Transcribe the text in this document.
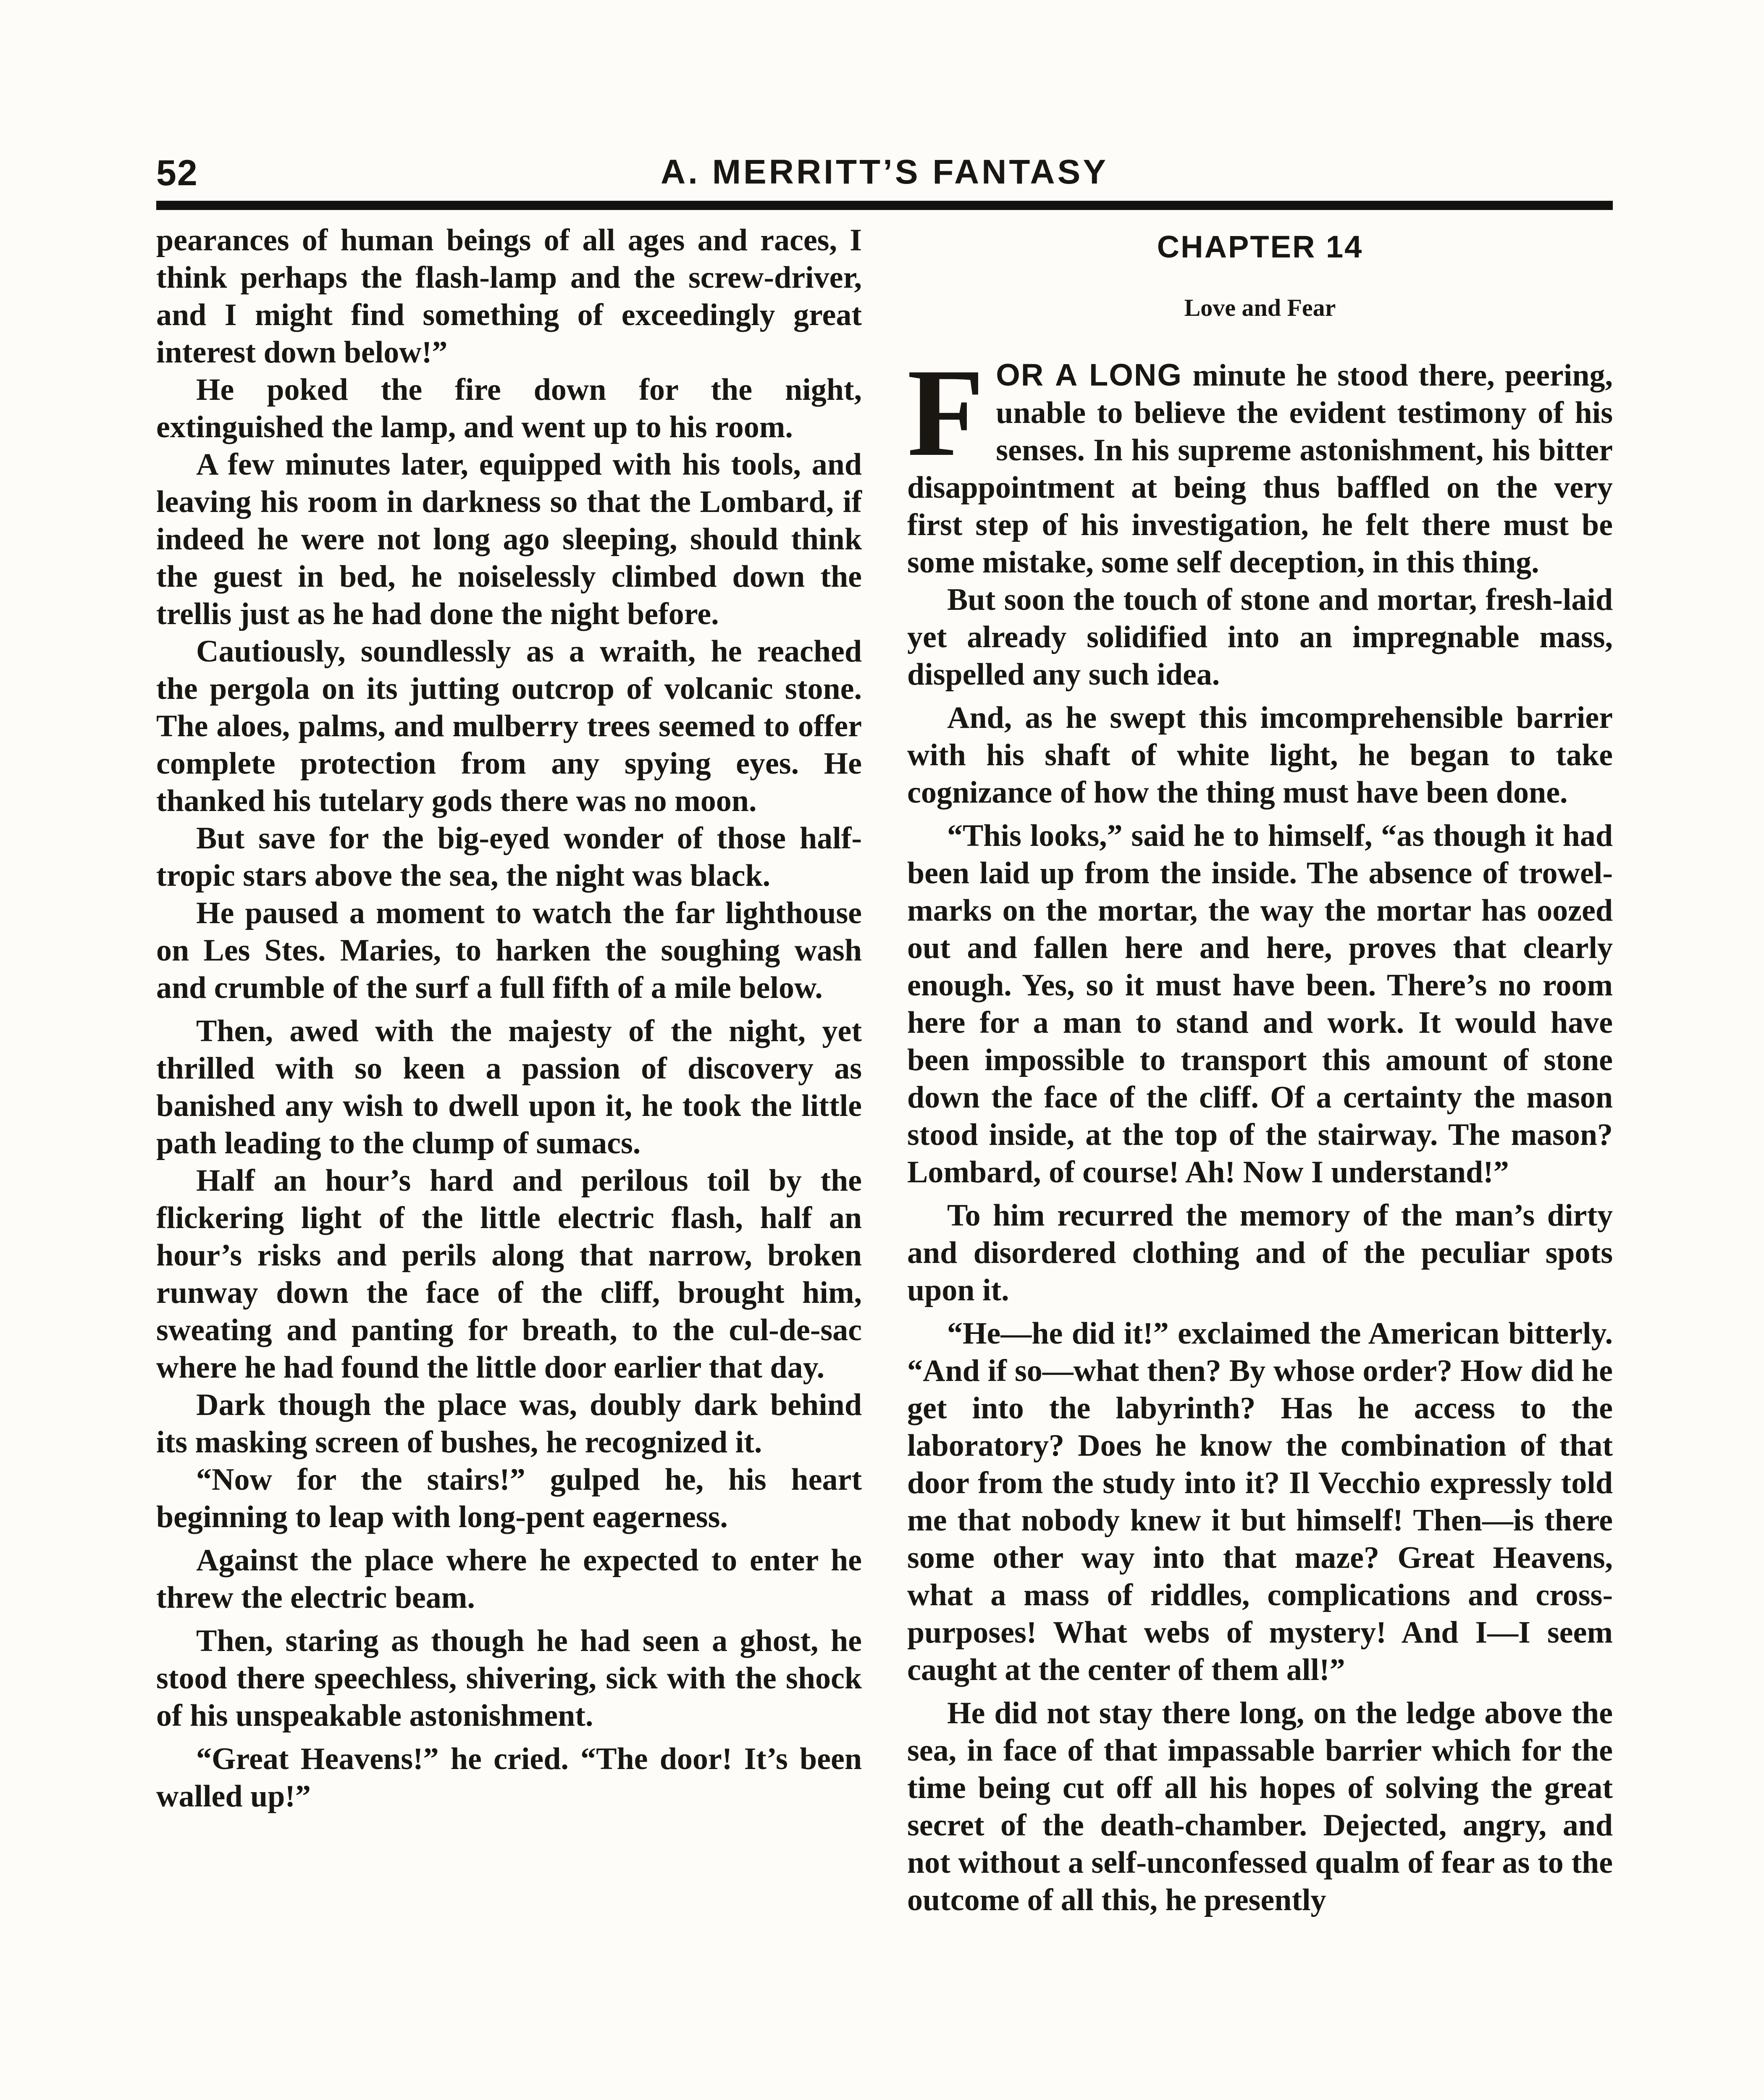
52	A. MERRITT’S FANTASY

pearances of human beings of all ages and races, I think perhaps the flash-lamp and the screw-driver, and I might find something of exceedingly great interest down below!”

He poked the fire down for the night, extinguished the lamp, and went up to his room.

A few minutes later, equipped with his tools, and leaving his room in darkness so that the Lombard, if indeed he were not long ago sleeping, should think the guest in bed, he noiselessly climbed down the trellis just as he had done the night before.

Cautiously, soundlessly as a wraith, he reached the pergola on its jutting outcrop of volcanic stone. The aloes, palms, and mulberry trees seemed to offer complete protection from any spying eyes. He thanked his tutelary gods there was no moon.

But save for the big-eyed wonder of those half-tropic stars above the sea, the night was black.

He paused a moment to watch the far lighthouse on Les Stes. Maries, to harken the soughing wash and crumble of the surf a full fifth of a mile below.

Then, awed with the majesty of the night, yet thrilled with so keen a passion of discovery as banished any wish to dwell upon it, he took the little path leading to the clump of sumacs.

Half an hour’s hard and perilous toil by the flickering light of the little electric flash, half an hour’s risks and perils along that narrow, broken runway down the face of the cliff, brought him, sweating and panting for breath, to the cul-de-sac where he had found the little door earlier that day.

Dark though the place was, doubly dark behind its masking screen of bushes, he recognized it.

“Now for the stairs!” gulped he, his heart beginning to leap with long-pent eagerness.

Against the place where he expected to enter he threw the electric beam.

Then, staring as though he had seen a ghost, he stood there speechless, shivering, sick with the shock of his unspeakable astonishment.

“Great Heavens!” he cried. “The door! It’s been walled up!”

CHAPTER 14
Love and Fear

FOR A LONG minute he stood there, peering, unable to believe the evident testimony of his senses. In his supreme astonishment, his bitter disappointment at being thus baffled on the very first step of his investigation, he felt there must be some mistake, some self deception, in this thing.

But soon the touch of stone and mortar, fresh-laid yet already solidified into an impregnable mass, dispelled any such idea.

And, as he swept this imcomprehensible barrier with his shaft of white light, he began to take cognizance of how the thing must have been done.

“This looks,” said he to himself, “as though it had been laid up from the inside. The absence of trowel-marks on the mortar, the way the mortar has oozed out and fallen here and here, proves that clearly enough. Yes, so it must have been. There’s no room here for a man to stand and work. It would have been impossible to transport this amount of stone down the face of the cliff. Of a certainty the mason stood inside, at the top of the stairway. The mason? Lombard, of course! Ah! Now I understand!”

To him recurred the memory of the man’s dirty and disordered clothing and of the peculiar spots upon it.

“He—he did it!” exclaimed the American bitterly. “And if so—what then? By whose order? How did he get into the labyrinth? Has he access to the laboratory? Does he know the combination of that door from the study into it? Il Vecchio expressly told me that nobody knew it but himself! Then—is there some other way into that maze? Great Heavens, what a mass of riddles, complications and cross-purposes! What webs of mystery! And I—I seem caught at the center of them all!”

He did not stay there long, on the ledge above the sea, in face of that impassable barrier which for the time being cut off all his hopes of solving the great secret of the death-chamber. Dejected, angry, and not without a self-unconfessed qualm of fear as to the outcome of all this, he presently
